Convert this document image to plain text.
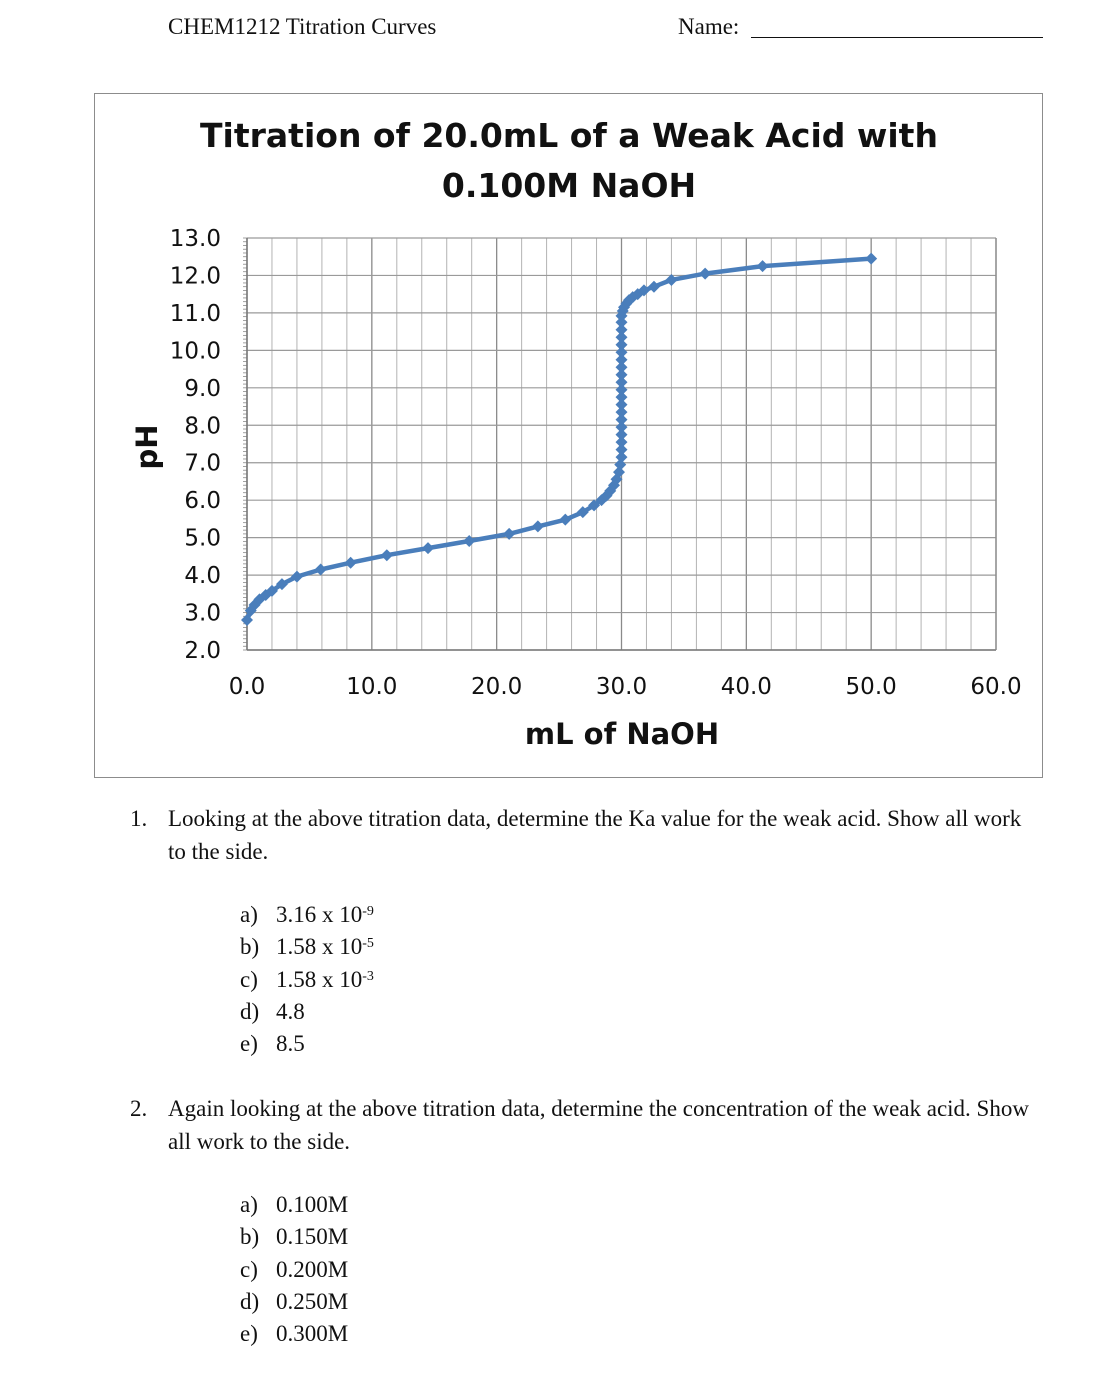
CHEM1212 Titration Curves	Name:
Titration of 20.0mL of a Weak Acid with
0.100M NaOH
2.0
3.0
4.0
5.0
6.0
7.0
8.0
9.0
10.0
11.0
12.0
13.0
0.0	10.0	20.0	30.0	40.0	50.0	60.0
mL of NaOH
pH
1. Looking at the above titration data, determine the Ka value for the weak acid. Show all work to the side.
a) 3.16 x $10^{-9}$
b) 1.58 x $10^{-5}$
c) 1.58 x $10^{-3}$
d) 4.8
e) 8.5
2. Again looking at the above titration data, determine the concentration of the weak acid. Show all work to the side.
a) 0.100M
b) 0.150M
c) 0.200M
d) 0.250M
e) 0.300M
